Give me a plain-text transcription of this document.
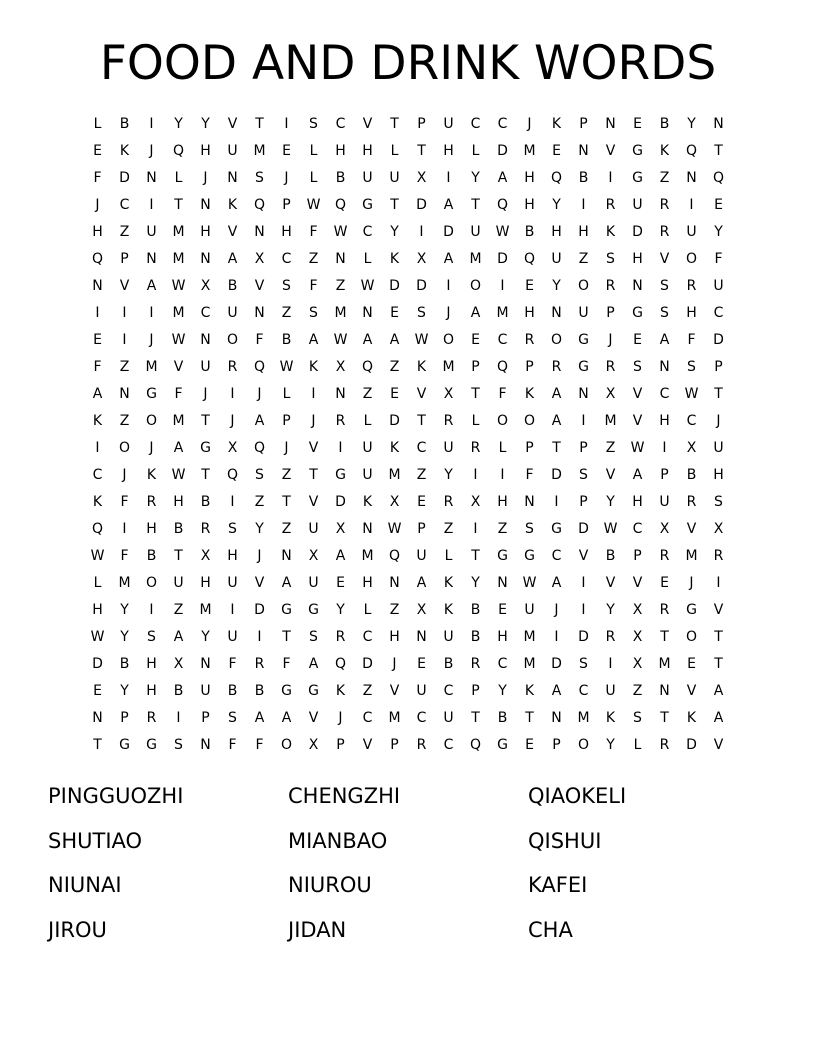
FOOD AND DRINK WORDS
L	B	I	Y	Y	V	T	I	S	C	V	T	P	U	C	C	J	K	P	N	E	B	Y	N
E	K	J	Q	H	U	M	E	L	H	H	L	T	H	L	D	M	E	N	V	G	K	Q	T
F	D	N	L	J	N	S	J	L	B	U	U	X	I	Y	A	H	Q	B	I	G	Z	N	Q
J	C	I	T	N	K	Q	P	W	Q	G	T	D	A	T	Q	H	Y	I	R	U	R	I	E
H	Z	U	M	H	V	N	H	F	W	C	Y	I	D	U	W	B	H	H	K	D	R	U	Y
Q	P	N	M	N	A	X	C	Z	N	L	K	X	A	M	D	Q	U	Z	S	H	V	O	F
N	V	A	W	X	B	V	S	F	Z	W	D	D	I	O	I	E	Y	O	R	N	S	R	U
I	I	I	M	C	U	N	Z	S	M	N	E	S	J	A	M	H	N	U	P	G	S	H	C
E	I	J	W	N	O	F	B	A	W	A	A	W	O	E	C	R	O	G	J	E	A	F	D
F	Z	M	V	U	R	Q	W	K	X	Q	Z	K	M	P	Q	P	R	G	R	S	N	S	P
A	N	G	F	J	I	J	L	I	N	Z	E	V	X	T	F	K	A	N	X	V	C	W	T
K	Z	O	M	T	J	A	P	J	R	L	D	T	R	L	O	O	A	I	M	V	H	C	J
I	O	J	A	G	X	Q	J	V	I	U	K	C	U	R	L	P	T	P	Z	W	I	X	U
C	J	K	W	T	Q	S	Z	T	G	U	M	Z	Y	I	I	F	D	S	V	A	P	B	H
K	F	R	H	B	I	Z	T	V	D	K	X	E	R	X	H	N	I	P	Y	H	U	R	S
Q	I	H	B	R	S	Y	Z	U	X	N	W	P	Z	I	Z	S	G	D	W	C	X	V	X
W	F	B	T	X	H	J	N	X	A	M	Q	U	L	T	G	G	C	V	B	P	R	M	R
L	M	O	U	H	U	V	A	U	E	H	N	A	K	Y	N	W	A	I	V	V	E	J	I
H	Y	I	Z	M	I	D	G	G	Y	L	Z	X	K	B	E	U	J	I	Y	X	R	G	V
W	Y	S	A	Y	U	I	T	S	R	C	H	N	U	B	H	M	I	D	R	X	T	O	T
D	B	H	X	N	F	R	F	A	Q	D	J	E	B	R	C	M	D	S	I	X	M	E	T
E	Y	H	B	U	B	B	G	G	K	Z	V	U	C	P	Y	K	A	C	U	Z	N	V	A
N	P	R	I	P	S	A	A	V	J	C	M	C	U	T	B	T	N	M	K	S	T	K	A
T	G	G	S	N	F	F	O	X	P	V	P	R	C	Q	G	E	P	O	Y	L	R	D	V
PINGGUOZHI	CHENGZHI	QIAOKELI
SHUTIAO	MIANBAO	QISHUI
NIUNAI	NIUROU	KAFEI
JIROU	JIDAN	CHA
